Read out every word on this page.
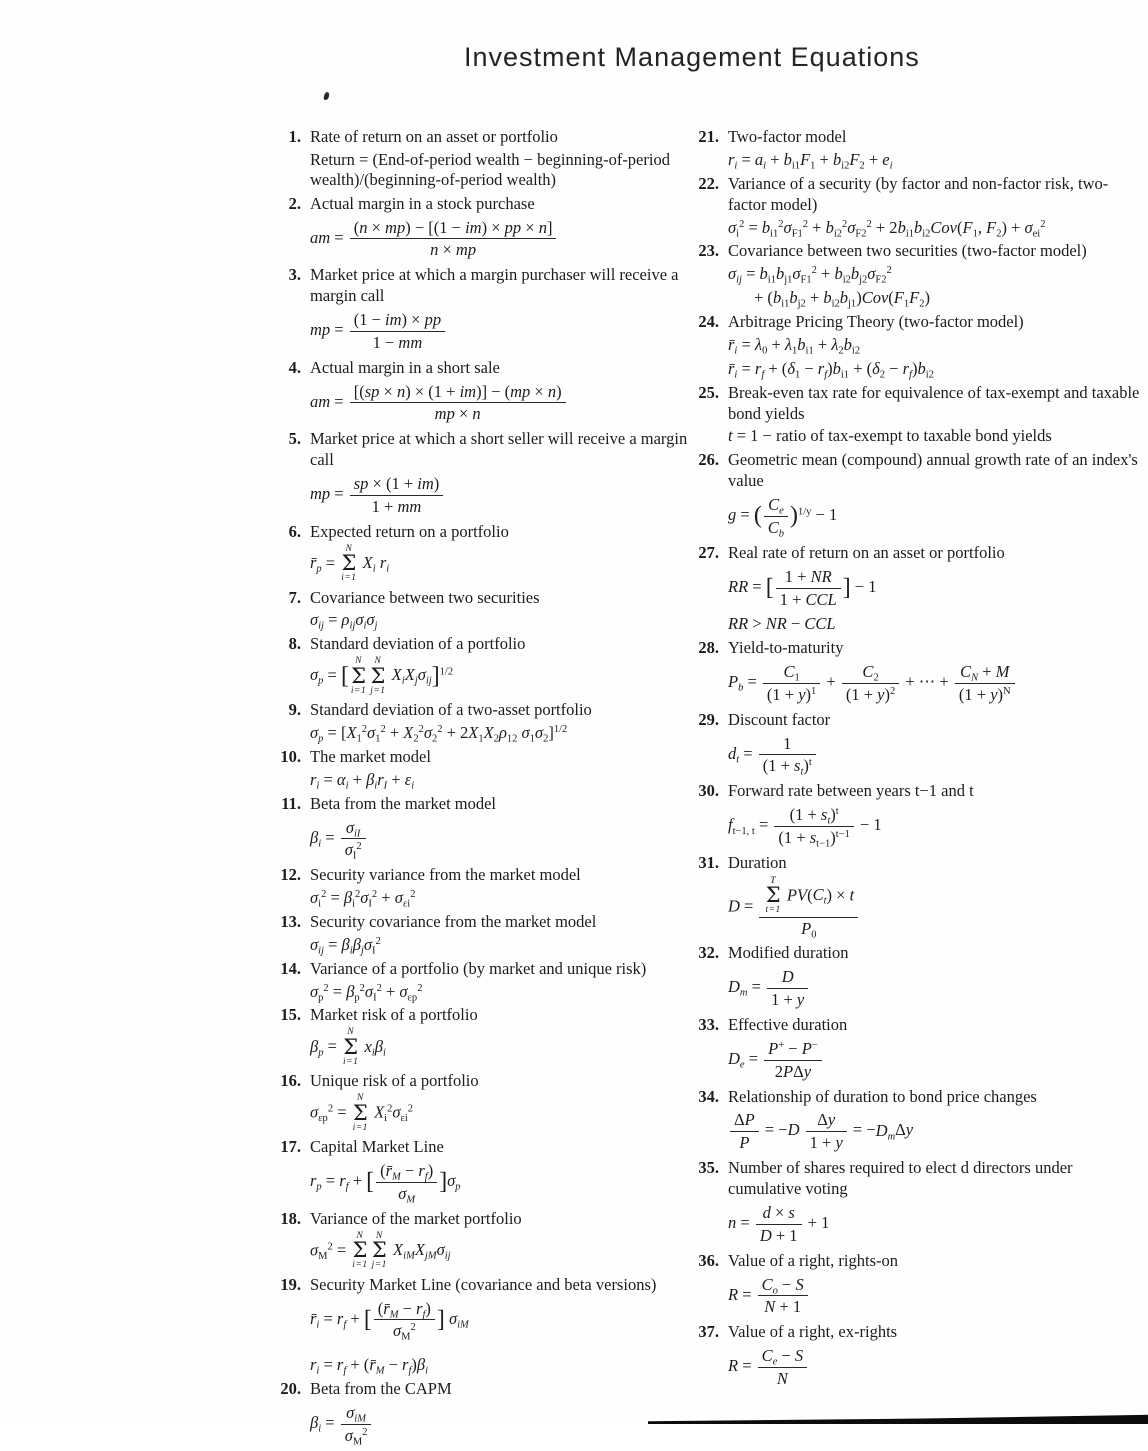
Investment Management Equations
1. Rate of return on an asset or portfolio
Return = (End-of-period wealth − beginning-of-period wealth)/(beginning-of-period wealth)
2. Actual margin in a stock purchase
am = $\frac{(n \times mp) - [(1 - im) \times pp \times n]}{n \times mp}$
3. Market price at which a margin purchaser will receive a margin call
mp = $\frac{(1 - im) \times pp}{1 - mm}$
4. Actual margin in a short sale
am = $\frac{[(sp \times n) \times (1 + im)] - (mp \times n)}{mp \times n}$
5. Market price at which a short seller will receive a margin call
mp = $\frac{sp \times (1 + im)}{1 + mm}$
6. Expected return on a portfolio
$r̄_p$ =
N
Σ
i=1
$X_i$ $r_i$
7. Covariance between two securities
$\sigma_{ij} = \rho_{ij}\sigma_i\sigma_j$
8. Standard deviation of a portfolio
$\sigma_p$ = [
N
Σ
i=1
N
Σ
j=1
$X_iX_j\sigma_{ij}]^{1/2}$
9. Standard deviation of a two-asset portfolio
$\sigma_p = [X_1^2\sigma_1^2 + X_2^2\sigma_2^2 + 2X_1X_2\rho_{12}$ $\sigma_1\sigma_2]^{1/2}$
10. The market model
$r_i = \alpha_i + \beta_ir_I + \varepsilon_i$
11. Beta from the market model
$\beta_i$ =
$\sigma_{iI}$
$\sigma_I^2$
12. Security variance from the market model
$\sigma_i^2 = \beta_i^2\sigma_I^2 + \sigma_{\varepsilon i}^2$
13. Security covariance from the market model
$\sigma_{ij} = \beta_i\beta_j\sigma_I^2$
14. Variance of a portfolio (by market and unique risk)
$\sigma_p^2 = \beta_p^2\sigma_I^2 + \sigma_{\varepsilon p}^2$
15. Market risk of a portfolio
$\beta_p$ =
N
Σ
i=1
$x_i\beta_i$
16. Unique risk of a portfolio
$\sigma_{\varepsilon p}^2$ =
N
Σ
i=1
$X_i^2\sigma_{\varepsilon i}^2$
17. Capital Market Line
$r_p = r_f$ + [ $\frac{(r̄_M - r_f)}{\sigma_M} ]\sigma_p$
18. Variance of the market portfolio
$\sigma_M^2$ =
N
Σ
i=1
N
Σ
j=1
$X_{iM}X_{jM}\sigma_{ij}$
19. Security Market Line (covariance and beta versions)
$r̄_i = r_f$ + [ $\frac{(r̄_M - r_f)}{\sigma_M^2}$ ] $\sigma_{iM}$
$r_i = r_f$ + $(r̄_M - r_f)\beta_i$
20. Beta from the CAPM
$\beta_i$ =
$\sigma_{iM}$
$\sigma_M^2$
21. Two-factor model
$r_i = a_i + b_{i1}F_1 + b_{i2}F_2 + e_i$
22. Variance of a security (by factor and non-factor risk, two-factor model)
$\sigma_i^2 = b_{i1}^2\sigma_{F1}^2 + b_{i2}^2\sigma_{F2}^2 + 2b_{i1}b_{i2}Cov(F_1$, $F_2) + \sigma_{ei}^2$
23. Covariance between two securities (two-factor model)
$\sigma_{ij} = b_{i1}b_{j1}\sigma_{F1}^2 + b_{i2}b_{j2}\sigma_{F2}^2$
+ $(b_{i1}b_{j2} + b_{i2}b_{j1})Cov(F_1F_2)$
24. Arbitrage Pricing Theory (two-factor model)
$r̄_i = \lambda_0 + \lambda_1b_{i1} + \lambda_2b_{i2}$
$r̄_i = r_f + (\delta_1 - r_f)b_{i1} + (\delta_2 - r_f)b_{i2}$
25. Break-even tax rate for equivalence of tax-exempt and taxable bond yields
t = 1 − ratio of tax-exempt to taxable bond yields
26. Geometric mean (compound) annual growth rate of an index's value
g = ( $\frac{C_e}{C_b} )^{1/y} - 1$
27. Real rate of return on an asset or portfolio
RR = [ 1 + NR
1 + CCL ] − 1
RR > NR − CCL
28. Yield-to-maturity
$P_b = \frac{C_1}{(1 + y)^1} + \frac{C_2}{(1 + y)^2}$ + ⋯ + $\frac{C_N + M}{(1 + y)^N}$
29. Discount factor
$d_t = \frac{1}{(1 + s_t)^t}$
30. Forward rate between years t−1 and t
$f_{t-1, t} = \frac{(1 + s_t)^t}{(1 + s_{t-1})^{t-1}} - 1$
31. Duration
D =
T
Σ
t=1
$PV(C_t) \times t$
$P_0$
32. Modified duration
$D_m = \frac{D}{1 + y}$
33. Effective duration
$D_e$ =
P+ − P−
2PΔy
34. Relationship of duration to bond price changes
$\frac{\Delta P}{P} = -D \frac{\Delta y}{1 + y} = -D_m\Delta y$
35. Number of shares required to elect d directors under cumulative voting
$n = \frac{d \times s}{D + 1} + 1$
36. Value of a right, rights-on
$R = \frac{C_o - S}{N + 1}$
37. Value of a right, ex-rights
$R = \frac{C_e - S}{N}$
